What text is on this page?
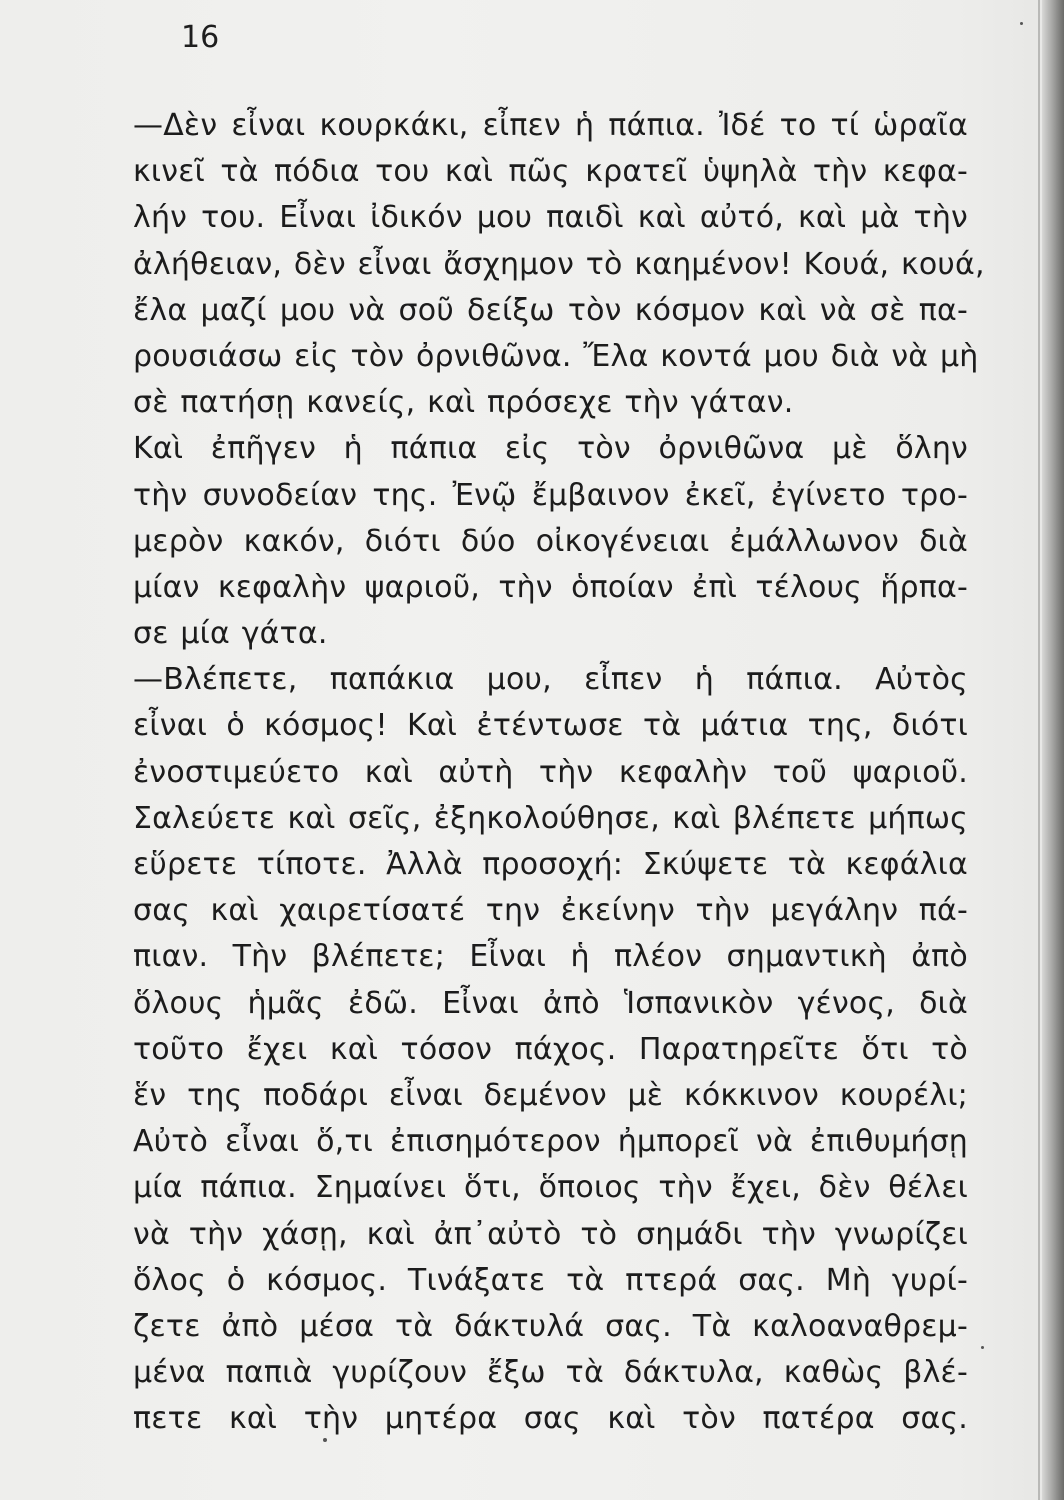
16
—Δὲν εἶναι κουρκάκι, εἶπεν ἡ πάπια. Ἰδέ το τί ὡραῖα
κινεῖ τὰ πόδια του καὶ πῶς κρατεῖ ὑψηλὰ τὴν κεφα-
λήν του. Εἶναι ἰδικόν μου παιδὶ καὶ αὐτό, καὶ μὰ τὴν
ἀλήθειαν, δὲν εἶναι ἄσχημον τὸ καημένον! Κουά, κουά,
ἔλα μαζί μου νὰ σοῦ δείξω τὸν κόσμον καὶ νὰ σὲ πα-
ρουσιάσω εἰς τὸν ὀρνιθῶνα. Ἔλα κοντά μου διὰ νὰ μὴ
σὲ πατήσῃ κανείς, καὶ πρόσεχε τὴν γάταν.
Καὶ ἐπῆγεν ἡ πάπια εἰς τὸν ὀρνιθῶνα μὲ ὅλην
τὴν συνοδείαν της. Ἐνῷ ἔμβαινον ἐκεῖ, ἐγίνετο τρο-
μερὸν κακόν, διότι δύο οἰκογένειαι ἐμάλλωνον διὰ
μίαν κεφαλὴν ψαριοῦ, τὴν ὁποίαν ἐπὶ τέλους ἥρπα-
σε μία γάτα.
—Βλέπετε, παπάκια μου, εἶπεν ἡ πάπια. Αὐτὸς
εἶναι ὁ κόσμος! Καὶ ἐτέντωσε τὰ μάτια της, διότι
ἐνοστιμεύετο καὶ αὐτὴ τὴν κεφαλὴν τοῦ ψαριοῦ.
Σαλεύετε καὶ σεῖς, ἐξηκολούθησε, καὶ βλέπετε μήπως
εὕρετε τίποτε. Ἀλλὰ προσοχή: Σκύψετε τὰ κεφάλια
σας καὶ χαιρετίσατέ την ἐκείνην τὴν μεγάλην πά-
πιαν. Τὴν βλέπετε; Εἶναι ἡ πλέον σημαντικὴ ἀπὸ
ὅλους ἡμᾶς ἐδῶ. Εἶναι ἀπὸ Ἱσπανικὸν γένος, διὰ
τοῦτο ἔχει καὶ τόσον πάχος. Παρατηρεῖτε ὅτι τὸ
ἕν της ποδάρι εἶναι δεμένον μὲ κόκκινον κουρέλι;
Αὐτὸ εἶναι ὅ,τι ἐπισημότερον ἠμπορεῖ νὰ ἐπιθυμήσῃ
μία πάπια. Σημαίνει ὅτι, ὅποιος τὴν ἔχει, δὲν θέλει
νὰ τὴν χάσῃ, καὶ ἀπ᾽αὐτὸ τὸ σημάδι τὴν γνωρίζει
ὅλος ὁ κόσμος. Τινάξατε τὰ πτερά σας. Μὴ γυρί-
ζετε ἀπὸ μέσα τὰ δάκτυλά σας. Τὰ καλοαναθρεμ-
μένα παπιὰ γυρίζουν ἔξω τὰ δάκτυλα, καθὼς βλέ-
πετε καὶ τὴν μητέρα σας καὶ τὸν πατέρα σας.
